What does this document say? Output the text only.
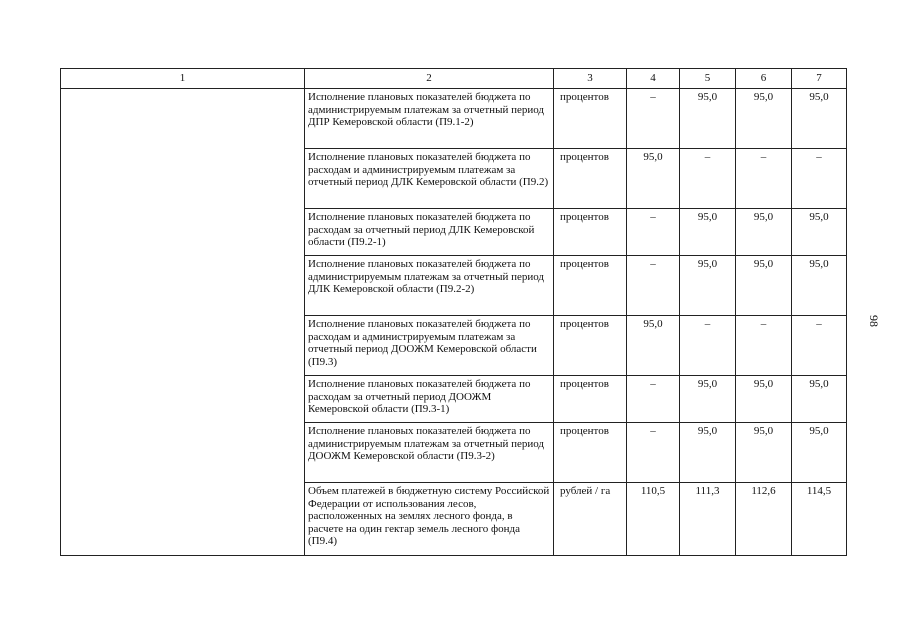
1	2	3	4	5	6	7
	Исполнение плановых показателей бюджета по администрируемым платежам за отчетный период ДПР Кемеровской области (П9.1-2)	процентов	–	95,0	95,0	95,0
	Исполнение плановых показателей бюджета по расходам и администрируемым платежам за отчетный период ДЛК Кемеровской области (П9.2)	процентов	95,0	–	–	–
	Исполнение плановых показателей бюджета по расходам за отчетный период ДЛК Кемеровской области (П9.2-1)	процентов	–	95,0	95,0	95,0
	Исполнение плановых показателей бюджета по администрируемым платежам за отчетный период ДЛК Кемеровской области (П9.2-2)	процентов	–	95,0	95,0	95,0
	Исполнение плановых показателей бюджета по расходам и администрируемым платежам за отчетный период ДООЖМ Кемеровской области (П9.3)	процентов	95,0	–	–	–
	Исполнение плановых показателей бюджета по расходам за отчетный период ДООЖМ Кемеровской области (П9.3-1)	процентов	–	95,0	95,0	95,0
	Исполнение плановых показателей бюджета по администрируемым платежам за отчетный период ДООЖМ Кемеровской области (П9.3-2)	процентов	–	95,0	95,0	95,0
	Объем платежей в бюджетную систему Российской Федерации от использования лесов, расположенных на землях лесного фонда, в расчете на один гектар земель лесного фонда (П9.4)	рублей / га	110,5	111,3	112,6	114,5
98
